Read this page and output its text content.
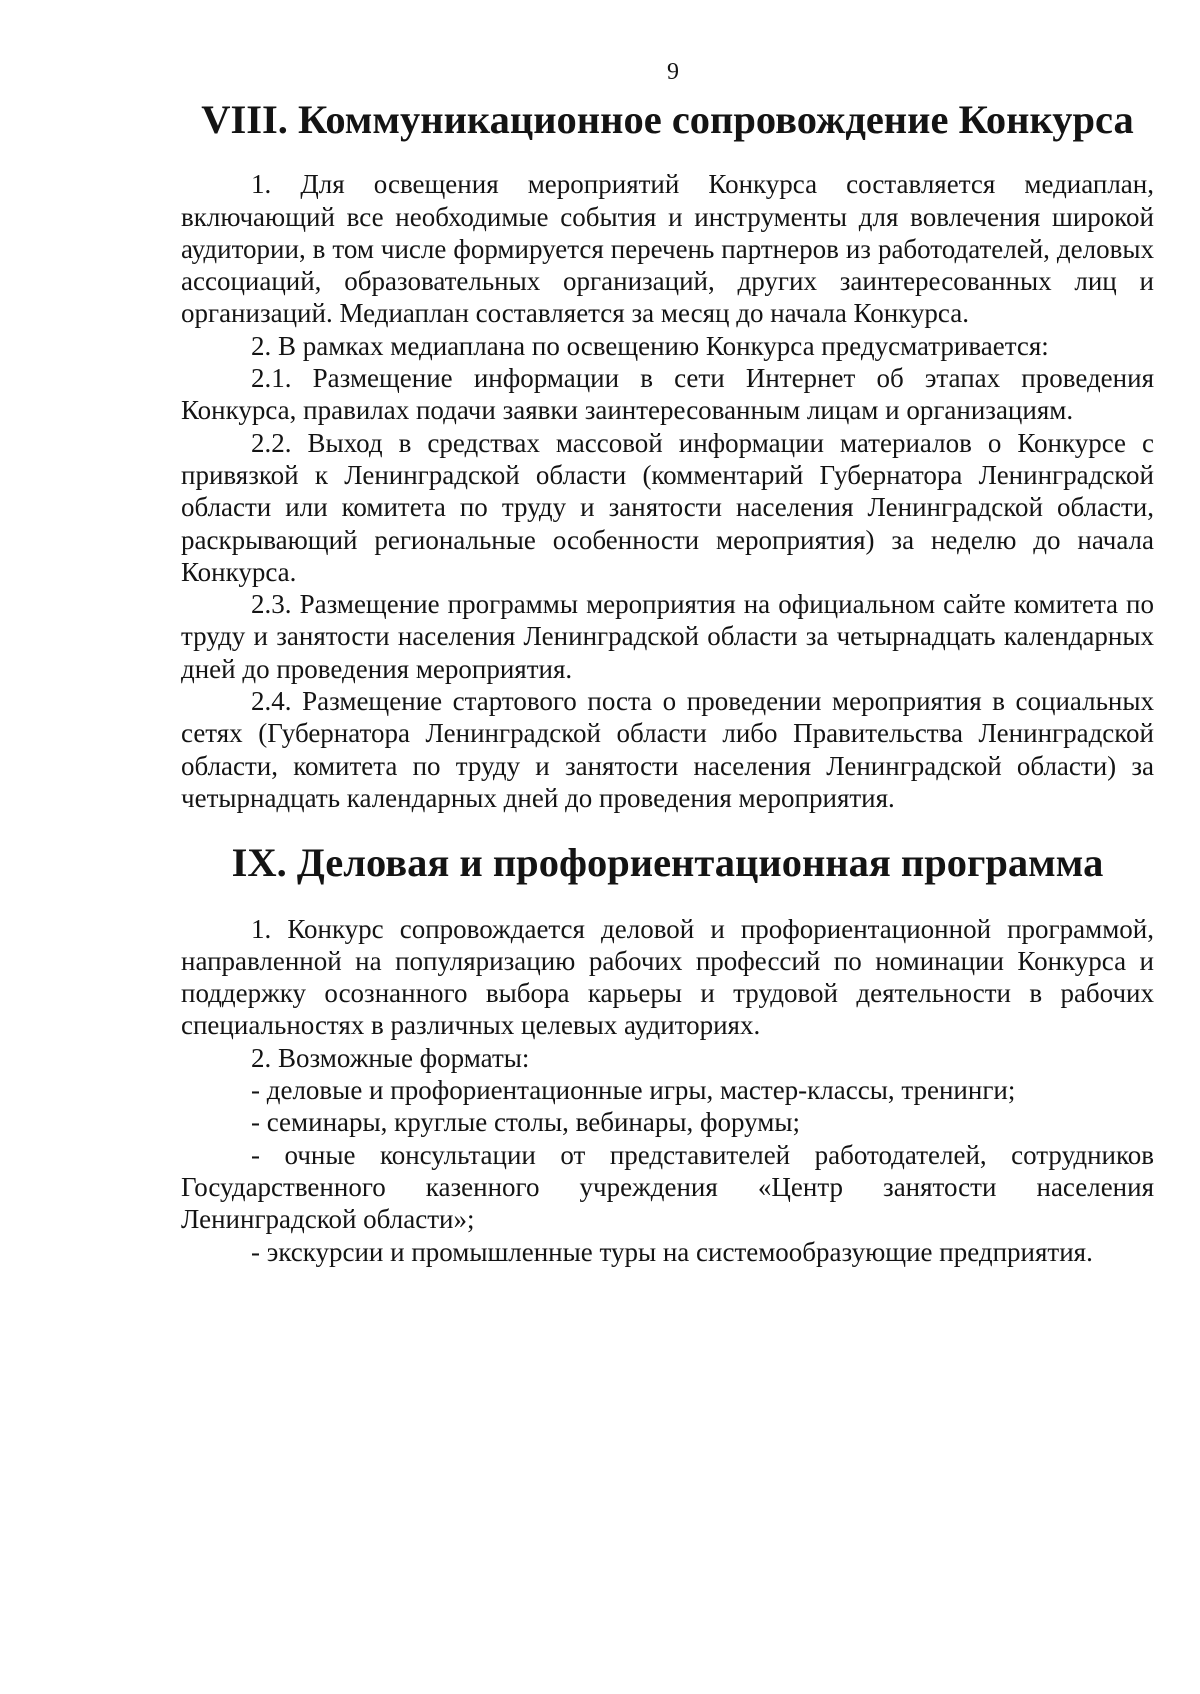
9
VIII. Коммуникационное сопровождение Конкурса

1. Для освещения мероприятий Конкурса составляется медиаплан, включающий все необходимые события и инструменты для вовлечения широкой аудитории, в том числе формируется перечень партнеров из работодателей, деловых ассоциаций, образовательных организаций, других заинтересованных лиц и организаций. Медиаплан составляется за месяц до начала Конкурса.

2. В рамках медиаплана по освещению Конкурса предусматривается:

2.1. Размещение информации в сети Интернет об этапах проведения Конкурса, правилах подачи заявки заинтересованным лицам и организациям.

2.2. Выход в средствах массовой информации материалов о Конкурсе с привязкой к Ленинградской области (комментарий Губернатора Ленинградской области или комитета по труду и занятости населения Ленинградской области, раскрывающий региональные особенности мероприятия) за неделю до начала Конкурса.

2.3. Размещение программы мероприятия на официальном сайте комитета по труду и занятости населения Ленинградской области за четырнадцать календарных дней до проведения мероприятия.

2.4. Размещение стартового поста о проведении мероприятия в социальных сетях (Губернатора Ленинградской области либо Правительства Ленинградской области, комитета по труду и занятости населения Ленинградской области) за четырнадцать календарных дней до проведения мероприятия.

IX. Деловая и профориентационная программа

1. Конкурс сопровождается деловой и профориентационной программой, направленной на популяризацию рабочих профессий по номинации Конкурса и поддержку осознанного выбора карьеры и трудовой деятельности в рабочих специальностях в различных целевых аудиториях.

2. Возможные форматы:

- деловые и профориентационные игры, мастер-классы, тренинги;

- семинары, круглые столы, вебинары, форумы;

- очные консультации от представителей работодателей, сотрудников Государственного казенного учреждения «Центр занятости населения Ленинградской области»;

- экскурсии и промышленные туры на системообразующие предприятия.
